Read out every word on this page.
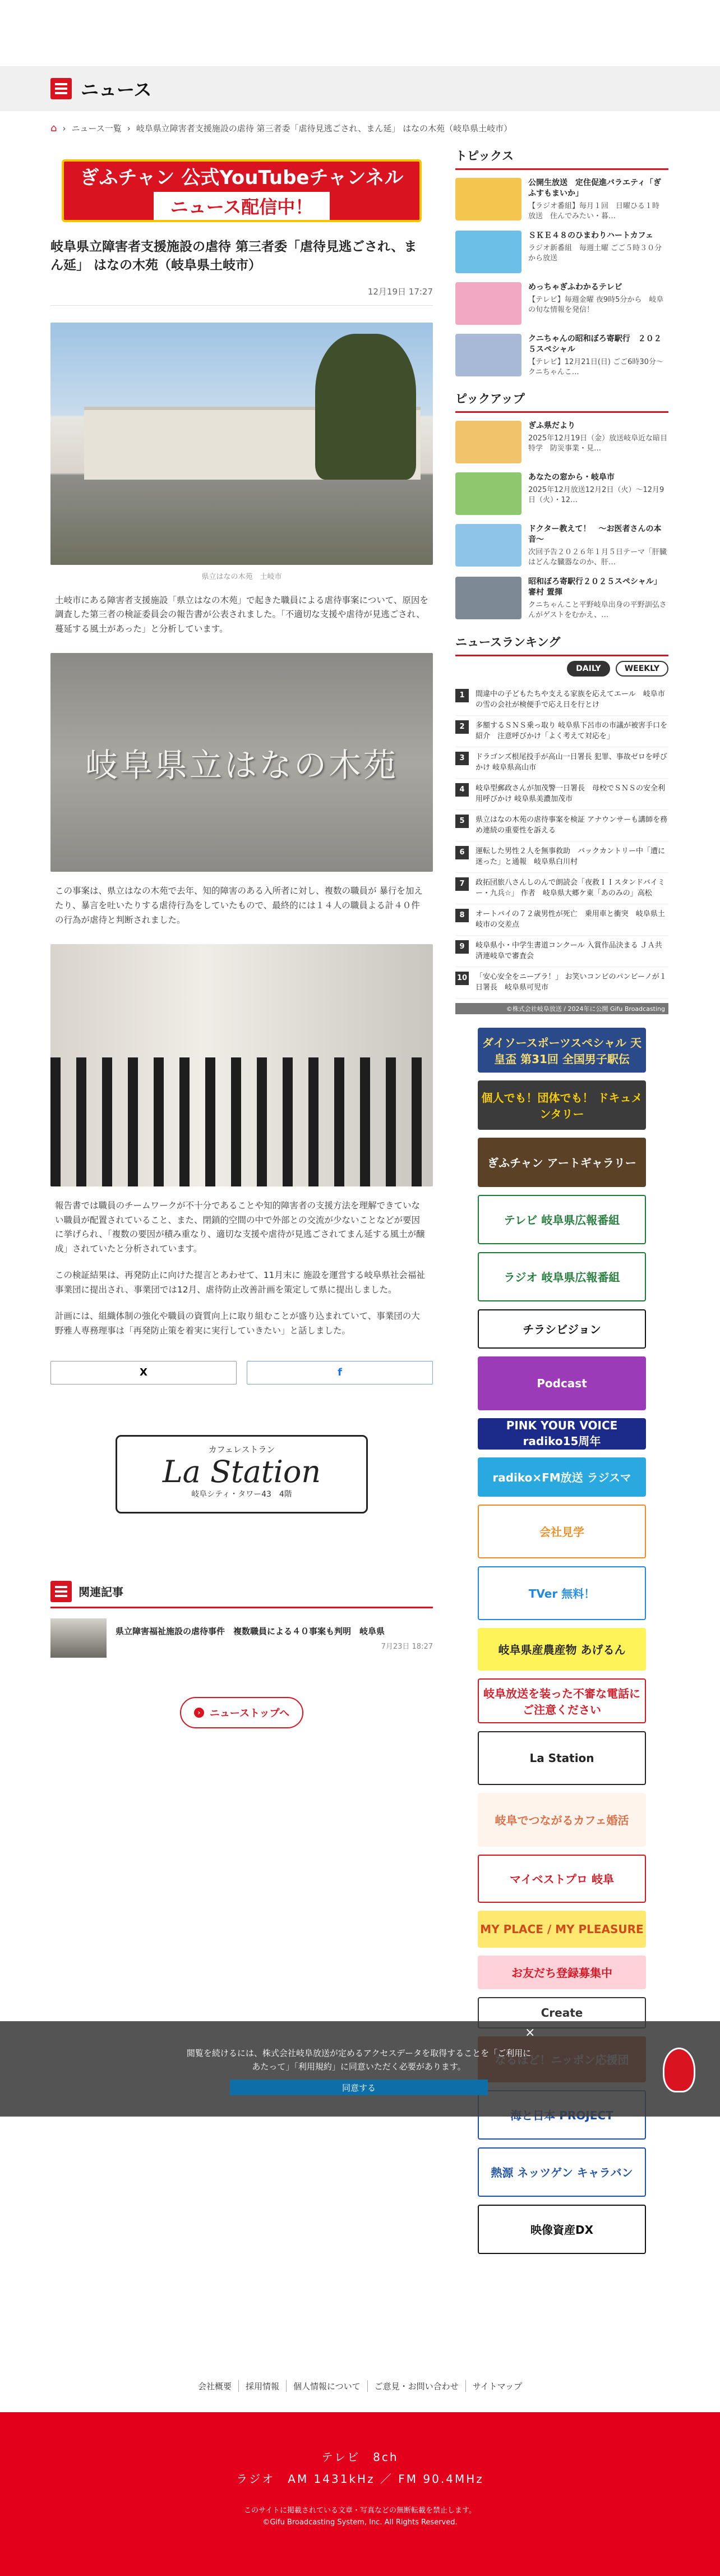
ニュース
⌂ › ニュース一覧 › 岐阜県立障害者支援施設の虐待 第三者委「虐待見逃ごされ、まん延」 はなの木苑（岐阜県土岐市）
ぎふチャン 公式YouTubeチャンネル
ニュース配信中！
岐阜県立障害者支援施設の虐待 第三者委「虐待見逃ごされ、まん延」 はなの木苑（岐阜県土岐市）
12月19日 17:27
県立はなの木苑　土岐市

土岐市にある障害者支援施設「県立はなの木苑」で起きた職員による虐待事案について、原因を調査した第三者の検証委員会の報告書が公表されました。「不適切な支援や虐待が見逃ごされ、蔓延する風土があった」と分析しています。

岐阜県立はなの木苑

この事案は、県立はなの木苑で去年、知的障害のある入所者に対し、複数の職員が 暴行を加えたり、暴言を吐いたりする虐待行為をしていたもので、最終的には１４人の職員よる計４０件の行為が虐待と判断されました。

報告書では職員のチームワークが不十分であることや知的障害者の支援方法を理解できていない職員が配置されていること、また、閉鎖的空間の中で外部との交流が少ないことなどが要因に挙げられ、「複数の要因が積み重なり、適切な支援や虐待が見逃ごされてまん延する風土が醸成」されていたと分析されています。

この検証結果は、再発防止に向けた提言とあわせて、11月末に 施設を運営する岐阜県社会福祉事業団に提出され、事業団では12月、虐待防止改善計画を策定して県に提出しました。

計画には、組織体制の強化や職員の資質向上に取り組むことが盛り込まれていて、事業団の大野雅人専務理事は「再発防止策を着実に実行していきたい」と話しました。

X	f
カフェレストラン
La Station
岐阜シティ・タワー43　4階
関連記事
県立障害福祉施設の虐待事件　複数職員による４０事案も判明　岐阜県
7月23日 18:27
› ニューストップへ
トピックス
公開生放送　定住促進バラエティ「ぎふすもまいか」
【ラジオ番組】毎月１回　日曜ひる１時 放送　住んでみたい・暮…
ＳＫＥ４８のひまわりハートカフェ
ラジオ新番組　毎週土曜 ごご５時３０分から放送
めっちゃぎふわかるテレビ
【テレビ】毎週金曜 夜9時5分から　岐阜の旬な情報を発信！
クニちゃんの昭和ぼろ寄駅行　２０２５スペシャル
【テレビ】12月21日(日) ごご6時30分～　クニちゃんこ…
ピックアップ
ぎふ県だより
2025年12月19日（金）放送岐阜近な暗目特学　防災事業・見…
あなたの窓から・岐阜市
2025年12月放送12月2日（火）～12月9日（火）・12…
ドクター教えて！　～お医者さんの本音～
次回予告２０２６年１月５日テーマ「肝臓はどんな臓器なのか、肝…
昭和ぼろ寄駅行２０２５スペシャル」審村 置揮
クニちゃんこと平野岐阜出身の平野訓弘さんがゲストをむかえ、…
ニュースランキング
DAILY	WEEKLY
1	間違中の子どもたちや支える家族を応えてエール　岐阜市の雪の会社が検便手で応え日を行とけ
2	多額するＳＮＳ乗っ取り 岐阜県下呂市の市議が被害手口を紹介　注意呼びかけ「よく考えて対応を」
3	ドラゴンズ根尾投手が高山一日署長 犯罪、事故ゼロを呼びかけ 岐阜県高山市
4	岐阜型郵政さんが加茂警一日署長　母校でＳＮＳの安全利用呼びかけ 岐阜県美濃加茂市
5	県立はなの木苑の虐待事案を検証 アナウンサーも講師を務め連続の重要性を訴える
6	運転した男性２人を無事救助　バックカントリー中「遭に迷った」と通報　岐阜県白川村
7	政拓団旅八さんしのんで朗読会「夜救ＩＩスタンドバイミー・九兵☆」 作者　岐阜県大郷ケ東「あのみの」高松
8	オートバイの７２歳男性が死亡　乗用車と衝突　岐阜県土岐市の交差点
9	岐阜県小・中学生書道コンクール 入賞作品決まる ＪＡ共済連岐阜で審査会
10 「安心安全をニーブラ！」 お笑いコンビのパンビーノが１日署長　岐阜県可児市
©株式会社岐阜放送 / 2024年に公開 Gifu Broadcasting
ダイソースポーツスペシャル 天皇盃 第31回 全国男子駅伝
個人でも！団体でも！ ドキュメンタリー
ぎふチャン アートギャラリー
テレビ 岐阜県広報番組
ラジオ 岐阜県広報番組
チラシビジョン
Podcast
PINK YOUR VOICE radiko15周年
radiko×FM放送 ラジスマ
会社見学
TVer 無料！
岐阜県産農産物 あげるん
岐阜放送を装った不審な電話にご注意ください
La Station
岐阜でつながるカフェ婚活
マイベストプロ 岐阜
MY PLACE / MY PLEASURE
お友だち登録募集中
Create
熱源 ネッツゲン キャラバン
映像資産DX
×
閲覧を続けるには、株式会社岐阜放送が定めるアクセスデータを取得することを「ご利用にあたって」「利用規約」に同意いただく必要があります。
同意する
会社概要	採用情報	個人情報について	ご意見・お問い合わせ	サイトマップ
テレビ　8ch
ラジオ　AM 1431kHz ／ FM 90.4MHz
このサイトに掲載されている文章・写真などの無断転載を禁止します。
©Gifu Broadcasting System, Inc. All Rights Reserved.
